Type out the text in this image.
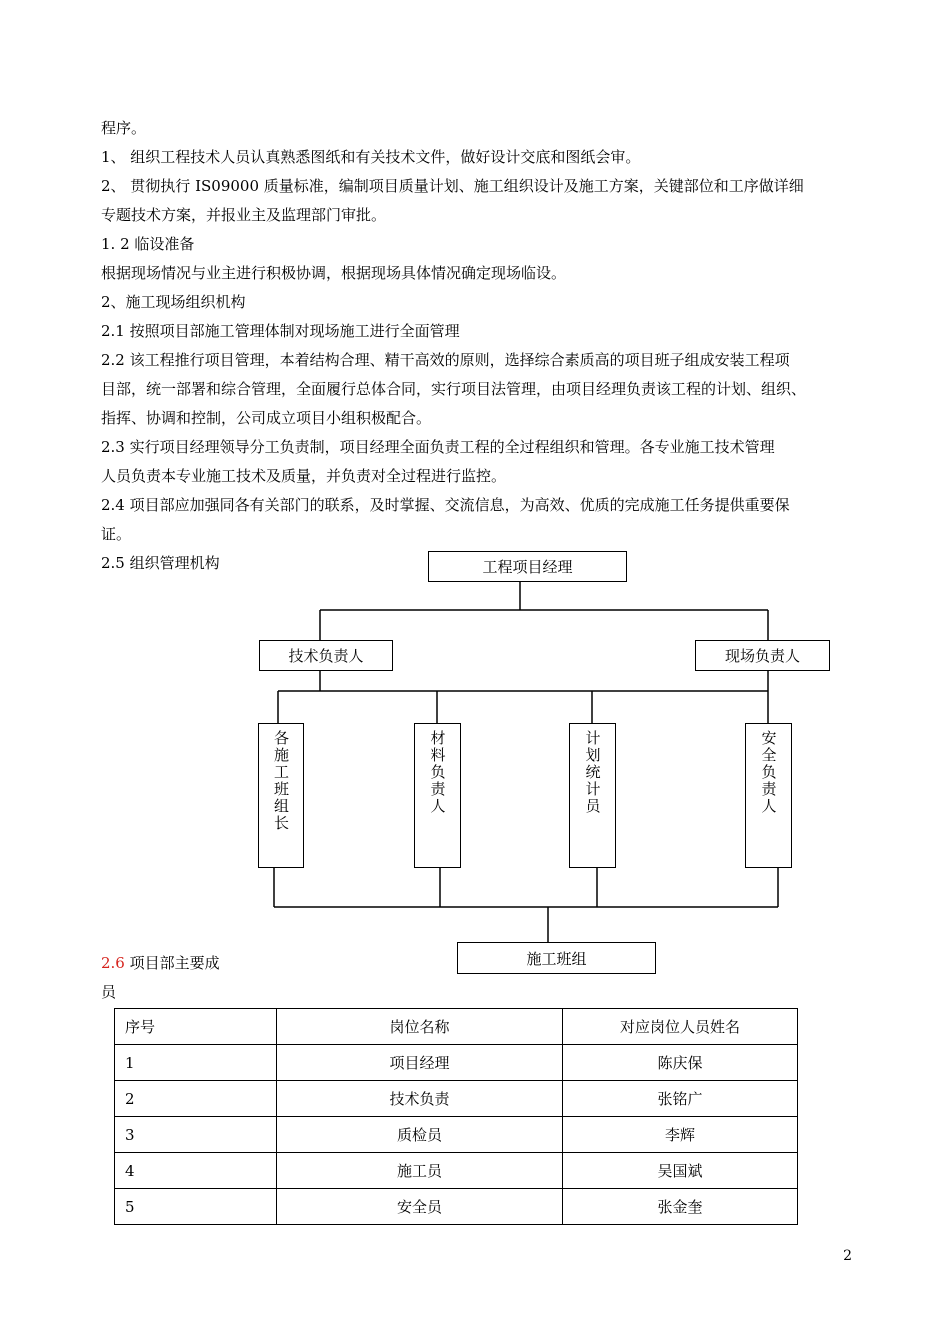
程序。
1、 组织工程技术人员认真熟悉图纸和有关技术文件，做好设计交底和图纸会审。
2、 贯彻执行 IS09000 质量标准，编制项目质量计划、施工组织设计及施工方案，关键部位和工序做详细
专题技术方案，并报业主及监理部门审批。
1. 2 临设准备
根据现场情况与业主进行积极协调，根据现场具体情况确定现场临设。
2、施工现场组织机构
2.1 按照项目部施工管理体制对现场施工进行全面管理
2.2 该工程推行项目管理，本着结构合理、精干高效的原则，选择综合素质高的项目班子组成安装工程项
目部，统一部署和综合管理，全面履行总体合同，实行项目法管理，由项目经理负责该工程的计划、组织、
指挥、协调和控制，公司成立项目小组积极配合。
2.3 实行项目经理领导分工负责制，项目经理全面负责工程的全过程组织和管理。各专业施工技术管理
人员负责本专业施工技术及质量，并负责对全过程进行监控。
2.4 项目部应加强同各有关部门的联系，及时掌握、交流信息，为高效、优质的完成施工任务提供重要保
证。
2.5 组织管理机构	工程项目经理
技术负责人	现场负责人
各施工班组长	材料负责人	计划统计员	安全负责人
施工班组
2.6 项目部主要成
员
序号	岗位名称	对应岗位人员姓名
1	项目经理	陈庆保
2	技术负责	张铭广
3	质检员	李辉
4	施工员	吴国斌
5	安全员	张金奎
2
